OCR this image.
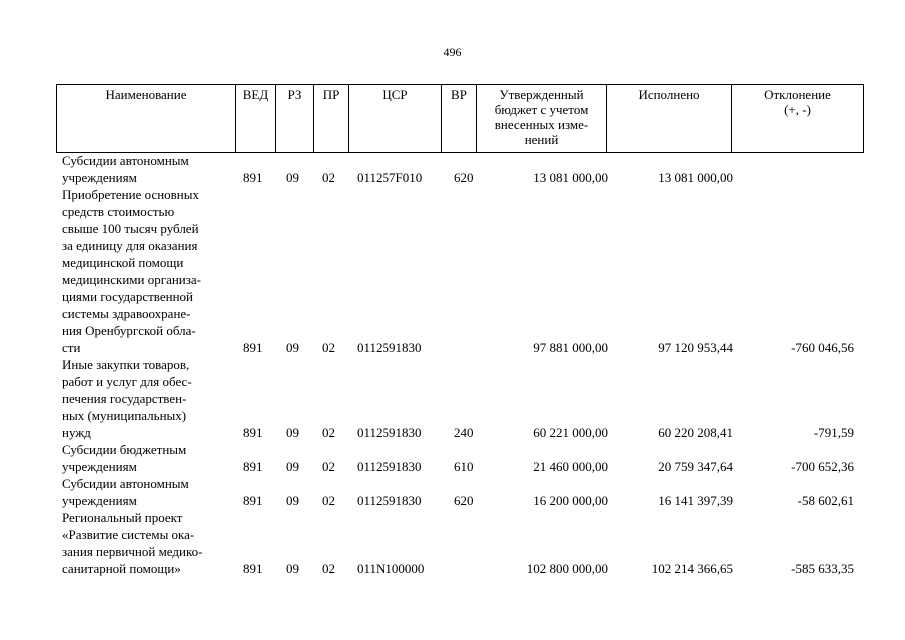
496
Наименование	ВЕД	РЗ	ПР	ЦСР	ВР	Утвержденный
бюджет с учетом
внесенных изме-
нений
	Исполнено	Отклонение
(+, -)
Субсидии автономным
учреждениям	891 09 02 011257F010 620	13 081 000,00	13 081 000,00
Приобретение основных
средств стоимостью
свыше 100 тысяч рублей
за единицу для оказания
медицинской помощи
медицинскими организа-
циями государственной
системы здравоохране-
ния Оренбургской обла-
сти	891 09 02 0112591830	97 881 000,00	97 120 953,44	-760 046,56
Иные закупки товаров,
работ и услуг для обес-
печения государствен-
ных (муниципальных)
нужд	891 09 02 0112591830 240	60 221 000,00	60 220 208,41	-791,59
Субсидии бюджетным
учреждениям	891 09 02 0112591830 610	21 460 000,00	20 759 347,64	-700 652,36
Субсидии автономным
учреждениям	891 09 02 0112591830 620	16 200 000,00	16 141 397,39	-58 602,61
Региональный проект
«Развитие системы ока-
зания первичной медико-
санитарной помощи»	891 09 02 011N100000	102 800 000,00	102 214 366,65	-585 633,35
